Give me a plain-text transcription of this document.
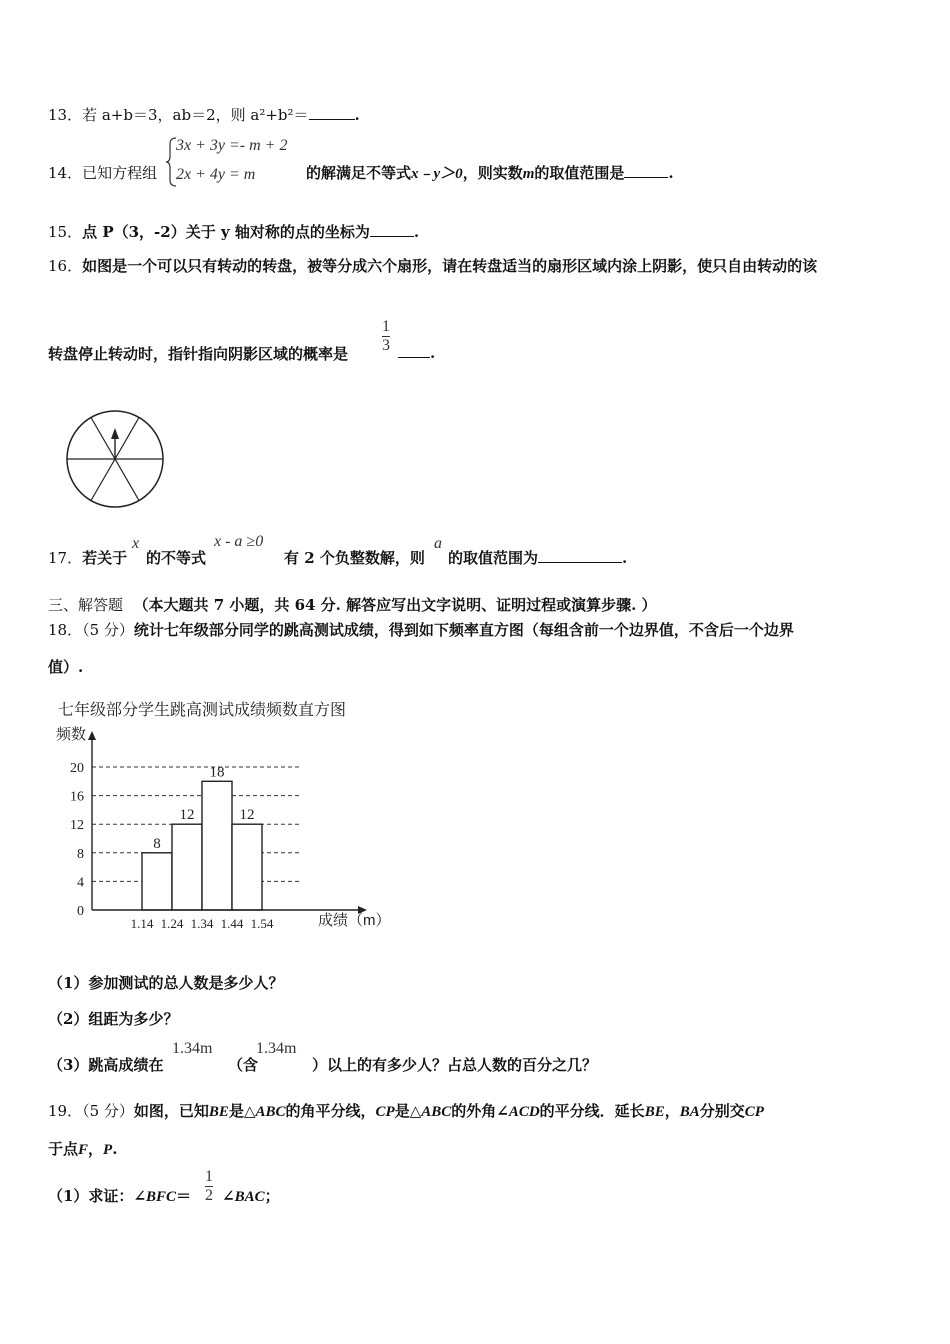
13．若 a+b＝3，ab＝2，则 a²+b²＝	.
14．已知方程组
3x + 3y =- m + 2
2x + 4y = m	的解满足不等式x﹣y＞0，则实数m的取值范围是	.
15．点 P（3，-2）关于 y 轴对称的点的坐标为	.
16．如图是一个可以只有转动的转盘，被等分成六个扇形，请在转盘适当的扇形区域内涂上阴影，使只自由转动的该
转盘停止转动时，指针指向阴影区域的概率是 $\frac{1}{3}$	.
17．若关于
x
的不等式
x - a ≥0
有 2 个负整数解，则
a
的取值范围为	.
三、解答题 （本大题共 7 小题，共 64 分. 解答应写出文字说明、证明过程或演算步骤. ）
18．（5 分）统计七年级部分同学的跳高测试成绩，得到如下频率直方图（每组含前一个边界值，不含后一个边界
值）.
七年级部分学生跳高测试成绩频数直方图
频数
成绩（m）
8
12
18
12
0
4
8
12
16
20
1.14 1.24 1.34 1.44 1.54
（1）参加测试的总人数是多少人？
（2）组距为多少？
（3）跳高成绩在
1.34m
（含
1.34m
）以上的有多少人？占总人数的百分之几？
19．（5 分）如图，已知BE是△ABC的角平分线，CP是△ABC的外角∠ACD的平分线．延长BE，BA分别交CP
于点F，P.
（1）求证：∠BFC＝ $\frac{1}{2}$ ∠BAC；
